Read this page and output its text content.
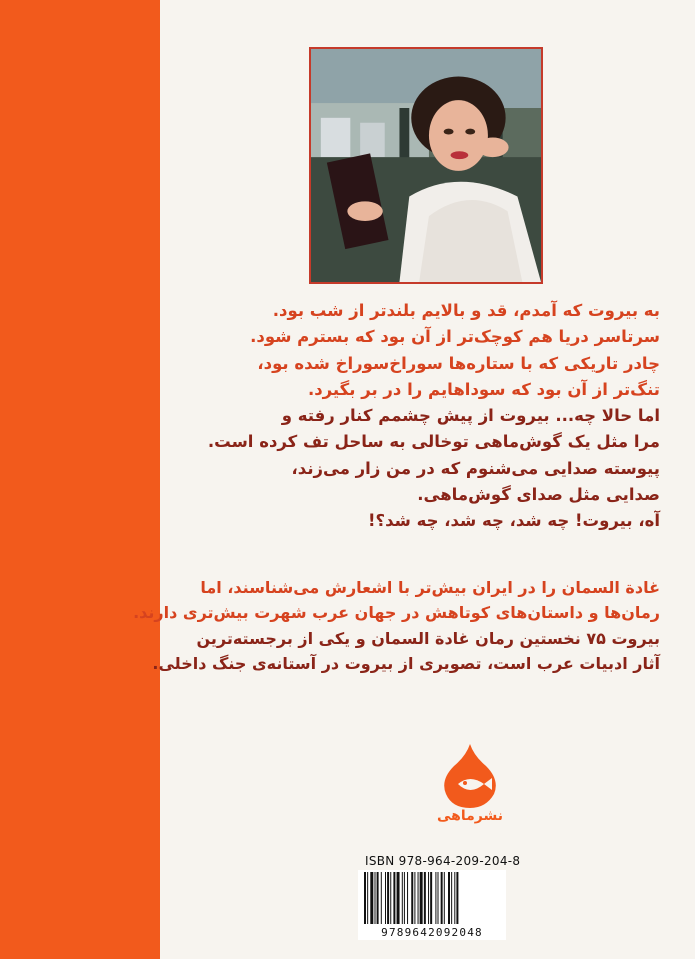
به بیروت که آمدم، قد و بالایم بلندتر از شب بود.
سرتاسر دریا هم کوچک‌تر از آن بود که بسترم شود.
چادر تاریکی که با ستاره‌ها سوراخ‌سوراخ شده بود،
تنگ‌تر از آن بود که سوداهایم را در بر بگیرد.
اما حالا چه... بیروت از پیش چشمم کنار رفته و
مرا مثل یک گوش‌ماهی توخالی به ساحل تف کرده است.
پیوسته صدایی می‌شنوم که در من زار می‌زند،
صدایی مثل صدای گوش‌ماهی.
آه، بیروت! چه شد، چه شد، چه شد؟!
غادة السمان را در ایران بیش‌تر با اشعارش می‌شناسند، اما
رمان‌ها و داستان‌های کوتاهش در جهان عرب شهرت بیش‌تری دارند.
بیروت ۷۵ نخستین رمان غادة السمان و یکی از برجسته‌ترین
آثار ادبیات عرب است، تصویری از بیروت در آستانه‌ی جنگ داخلی.
نشرماهی
ISBN 978-964-209-204-8
9789642092048
